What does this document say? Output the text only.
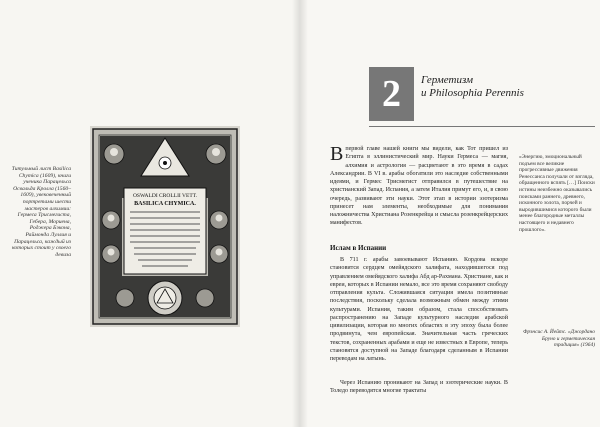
Титульный лист Basilica Chymica (1609), книги ученика Парацельса Освальда Кролла (1560–1609), увековеченный портретами шести мастеров алхимии: Гермеса Трисмегиста, Гебера, Мориена, Роджера Бэкона, Раймонда Луллия и Парацельса, каждый из которых стоит у своего девиза

OSWALDI CROLLII VETT.
BASILICA CHYMICA.
2	Герметизм
и Philosophia Perennis

Впервой главе нашей книги мы видели, как Тот пришел из Египта в эллинистический мир. Науки Гермеса — магия, алхимия и астрология — расцветают в это время в садах Александрии. В VI в. арабы обогатили это наследие собственными идеями, и Гермес Трисмегист отправился в путешествие на христианский Запад. Испания, а затем Италия примут его, и, в свою очередь, развивают эти науки. Этот этап в истории эзотеризма принесет нам элементы, необходимые для понимания наложничества Христиана Розенкрейца и смысла розенкрейцерских манифестов.

Ислам в Испании

В 711 г. арабы завоевывают Испанию. Кордова вскоре становится сердцем омейядского халифата, находившегося под управлением омейядского халифа Абд ар-Рахмана. Христиане, как и евреи, которых в Испании немало, все это время сохраняют свободу отправления культа. Сложившаяся ситуация имела позитивные последствия, поскольку сделала возможным обмен между этими культурами. Испания, таким образом, стала способствовать распространению на Западе культурного наследия арабской цивилизации, которая во многих областях в эту эпоху была более продвинута, чем европейская. Значительная часть греческих текстов, сохраненных арабами и еще не известных в Европе, теперь становятся доступной на Западе благодаря сделанным в Испании переводам на латынь.

Через Испанию проникают на Запад и эзотерические науки. В Толедо переводятся многие трактаты

«Энергию, эмоциональный подъем все великие прогрессивные движения Ренессанса получали от взгляда, обращенного вспять […] Поиски истины неизбежно оказывались поисками раннего, древнего, исконного золота, порчей и выродившимися которого были менее благородные металлы настоящего и недавнего прошлого».

Фрэнсис А. Йейтс. «Джордано Бруно и герметическая традиция» (1964)
